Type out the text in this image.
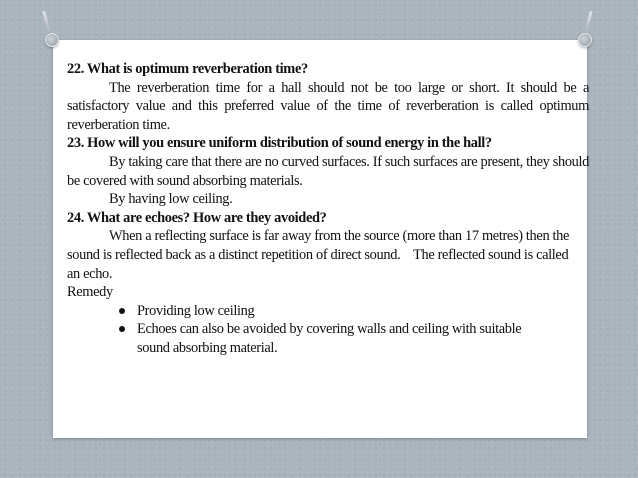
22. What is optimum reverberation time?
The reverberation time for a hall should not be too large or short. It should be a satisfactory value and this preferred value of the time of reverberation is called optimum reverberation time.
23. How will you ensure uniform distribution of sound energy in the hall?
By taking care that there are no curved surfaces. If such surfaces are present, they should be covered with sound absorbing materials.
By having low ceiling.
24. What are echoes? How are they avoided?
When a reflecting surface is far away from the source (more than 17 metres) then the sound is reflected back as a distinct repetition of direct sound.    The reflected sound is called an echo.
Remedy
Providing low ceiling
Echoes can also be avoided by covering walls and ceiling with suitable sound absorbing material.
